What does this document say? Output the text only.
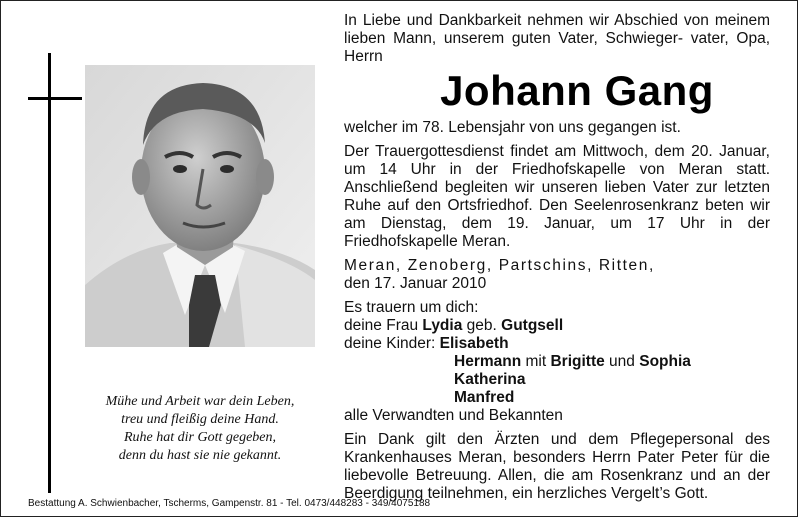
Mühe und Arbeit war dein Leben,
treu und fleißig deine Hand.
Ruhe hat dir Gott gegeben,
denn du hast sie nie gekannt.
Bestattung A. Schwienbacher, Tscherms, Gampenstr. 81 - Tel. 0473/448283 - 349/4075188
In Liebe und Dankbarkeit nehmen wir Abschied von meinem lieben Mann, unserem guten Vater, Schwieger- vater, Opa, Herrn
Johann Gang
welcher im 78. Lebensjahr von uns gegangen ist.
Der Trauergottesdienst findet am Mittwoch, dem 20. Januar, um 14 Uhr in der Friedhofskapelle von Meran statt. Anschließend begleiten wir unseren lieben Vater zur letzten Ruhe auf den Ortsfriedhof. Den Seelenrosenkranz beten wir am Dienstag, dem 19. Januar, um 17 Uhr in der Friedhofskapelle Meran.
Meran, Zenoberg, Partschins, Ritten,
den 17. Januar 2010
Es trauern um dich:
deine Frau Lydia geb. Gutgsell
deine Kinder: Elisabeth
Hermann mit Brigitte und Sophia
Katherina
Manfred
alle Verwandten und Bekannten
Ein Dank gilt den Ärzten und dem Pflegepersonal des Krankenhauses Meran, besonders Herrn Pater Peter für die liebevolle Betreuung. Allen, die am Rosenkranz und an der Beerdigung teilnehmen, ein herzliches Vergelt’s Gott.
